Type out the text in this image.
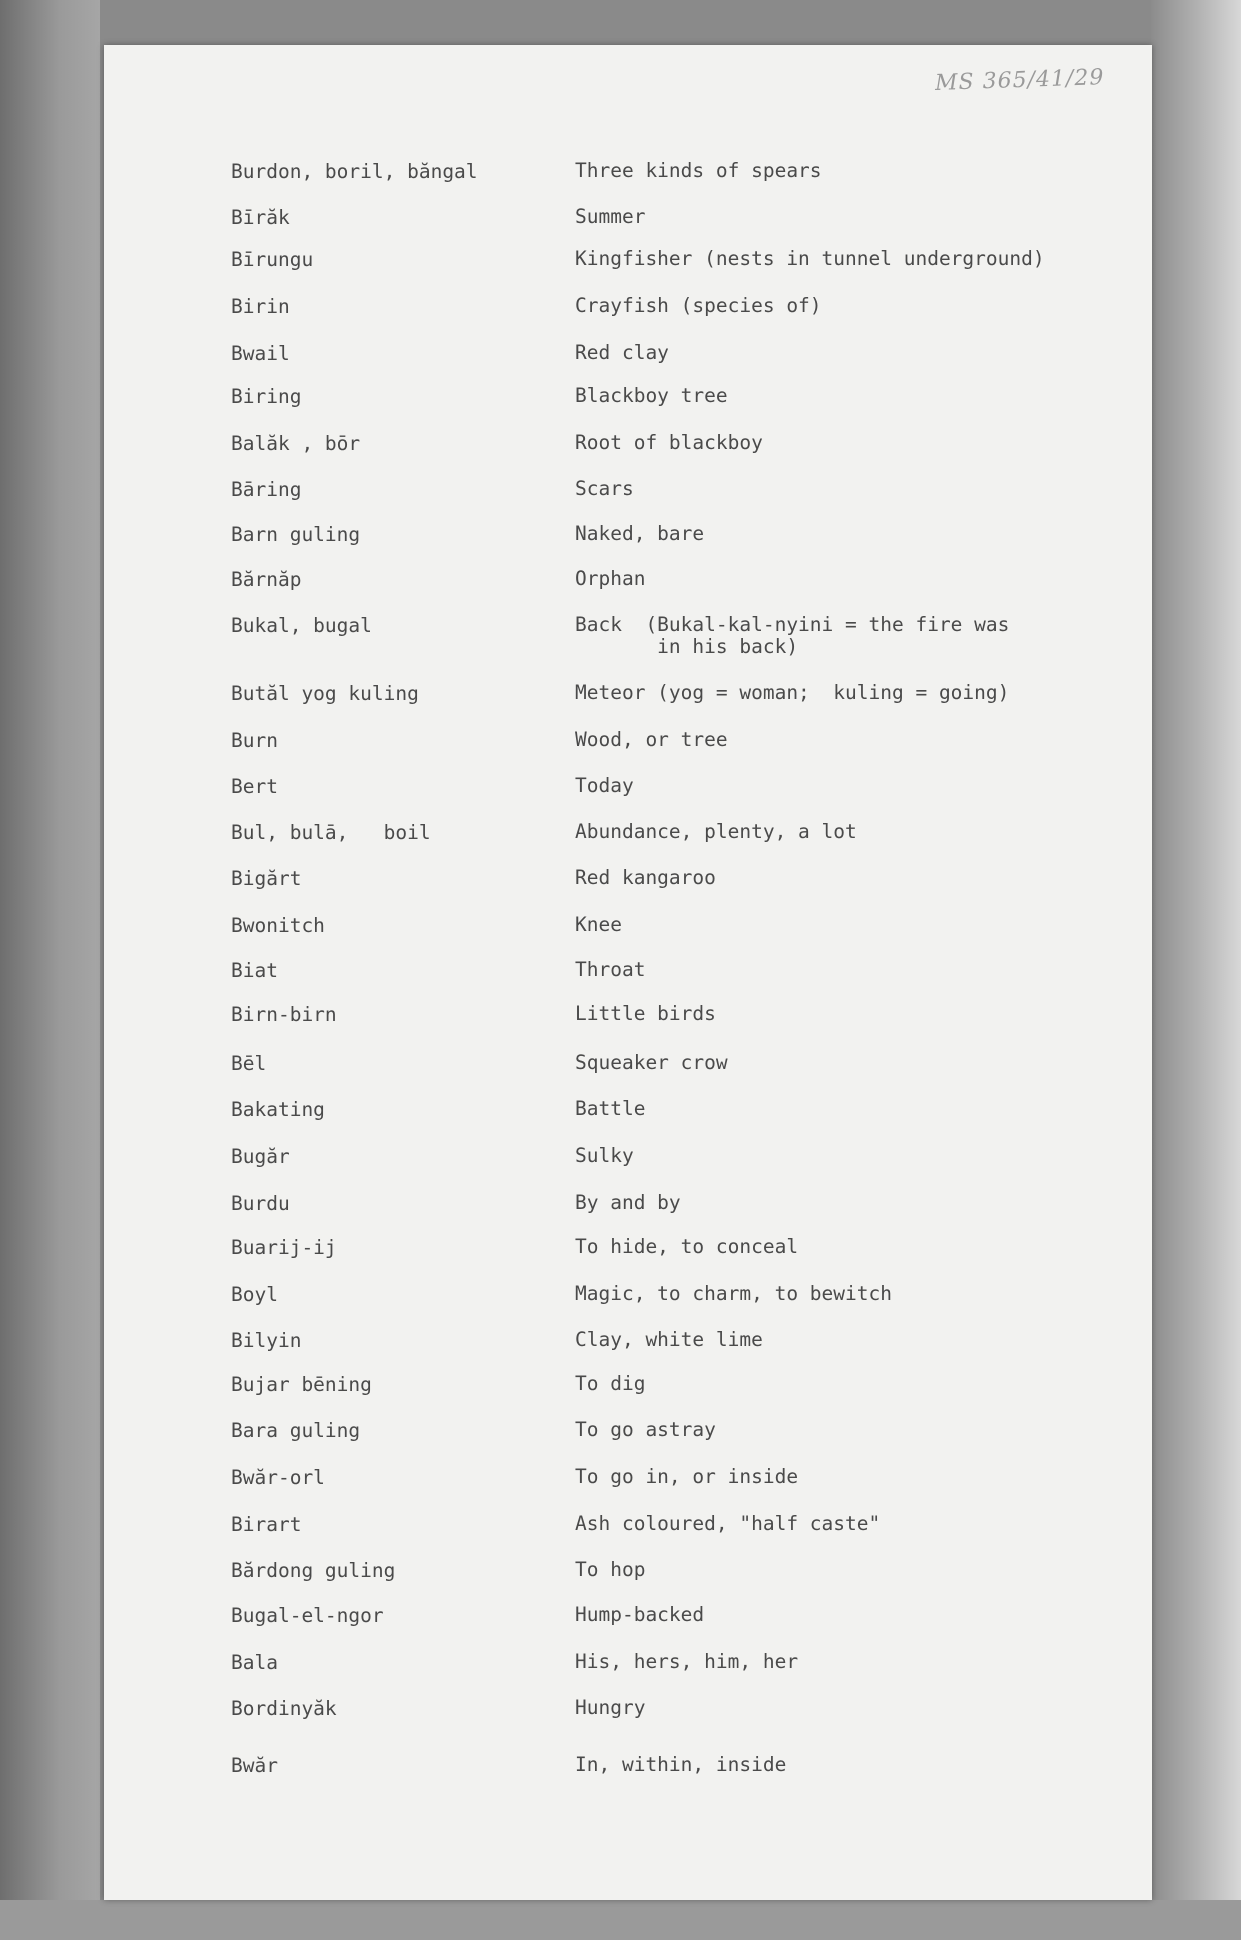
MS 365/41/29
Burdon, boril, băngal	Three kinds of spears
Bīrăk	Summer
Bīrungu	Kingfisher (nests in tunnel underground)
Birin	Crayfish (species of)
Bwail	Red clay
Biring	Blackboy tree
Balăk , bōr	Root of blackboy
Bāring	Scars
Barn guling	Naked, bare
Bărnăp	Orphan
Bukal, bugal	Back  (Bukal-kal-nyini = the fire was
in his back)
Butăl yog kuling	Meteor (yog = woman;  kuling = going)
Burn	Wood, or tree
Bert	Today
Bul, bulā,   boil	Abundance, plenty, a lot
Bigărt	Red kangaroo
Bwonitch	Knee
Biat	Throat
Birn-birn	Little birds
Bēl	Squeaker crow
Bakating	Battle
Bugăr	Sulky
Burdu	By and by
Buarij-ij	To hide, to conceal
Boyl	Magic, to charm, to bewitch
Bilyin	Clay, white lime
Bujar bēning	To dig
Bara guling	To go astray
Bwăr-orl	To go in, or inside
Birart	Ash coloured, "half caste"
Bărdong guling	To hop
Bugal-el-ngor	Hump-backed
Bala	His, hers, him, her
Bordinyăk	Hungry
Bwăr	In, within, inside
